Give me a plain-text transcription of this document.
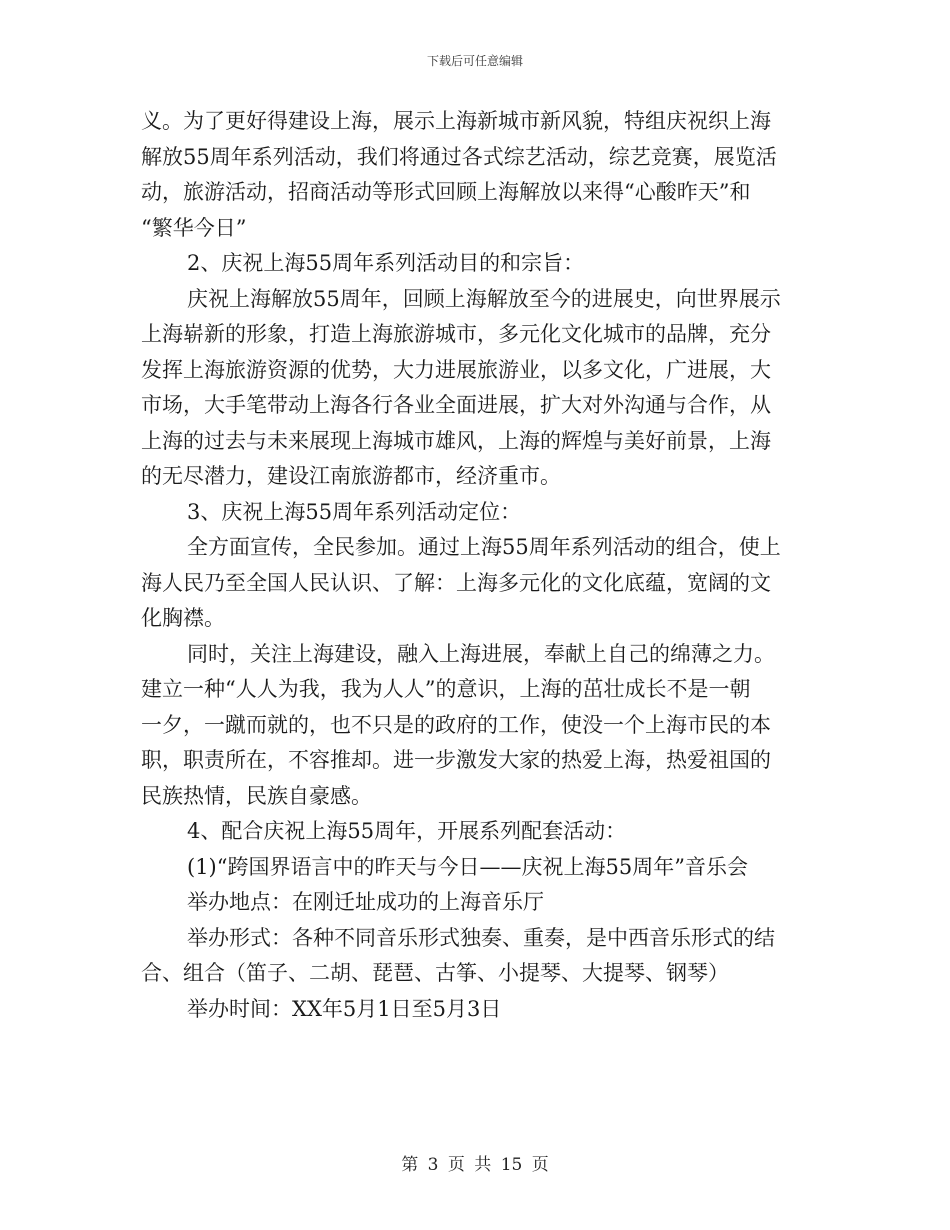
下载后可任意编辑
义。为了更好得建设上海，展示上海新城市新风貌，特组庆祝织上海
解放55周年系列活动，我们将通过各式综艺活动，综艺竞赛，展览活
动，旅游活动，招商活动等形式回顾上海解放以来得“心酸昨天”和
“繁华今日”
2、庆祝上海55周年系列活动目的和宗旨：
庆祝上海解放55周年，回顾上海解放至今的进展史，向世界展示
上海崭新的形象，打造上海旅游城市，多元化文化城市的品牌，充分
发挥上海旅游资源的优势，大力进展旅游业，以多文化，广进展，大
市场，大手笔带动上海各行各业全面进展，扩大对外沟通与合作，从
上海的过去与未来展现上海城市雄风，上海的辉煌与美好前景，上海
的无尽潜力，建设江南旅游都市，经济重市。
3、庆祝上海55周年系列活动定位：
全方面宣传，全民参加。通过上海55周年系列活动的组合，使上
海人民乃至全国人民认识、了解：上海多元化的文化底蕴，宽阔的文
化胸襟。
同时，关注上海建设，融入上海进展，奉献上自己的绵薄之力。
建立一种“人人为我，我为人人”的意识，上海的茁壮成长不是一朝
一夕，一蹴而就的，也不只是的政府的工作，使没一个上海市民的本
职，职责所在，不容推却。进一步激发大家的热爱上海，热爱祖国的
民族热情，民族自豪感。
4、配合庆祝上海55周年，开展系列配套活动：
(1)“跨国界语言中的昨天与今日——庆祝上海55周年”音乐会
举办地点：在刚迁址成功的上海音乐厅
举办形式：各种不同音乐形式独奏、重奏，是中西音乐形式的结
合、组合（笛子、二胡、琵琶、古筝、小提琴、大提琴、钢琴）
举办时间：XX年5月1日至5月3日
第 3 页 共 15 页
